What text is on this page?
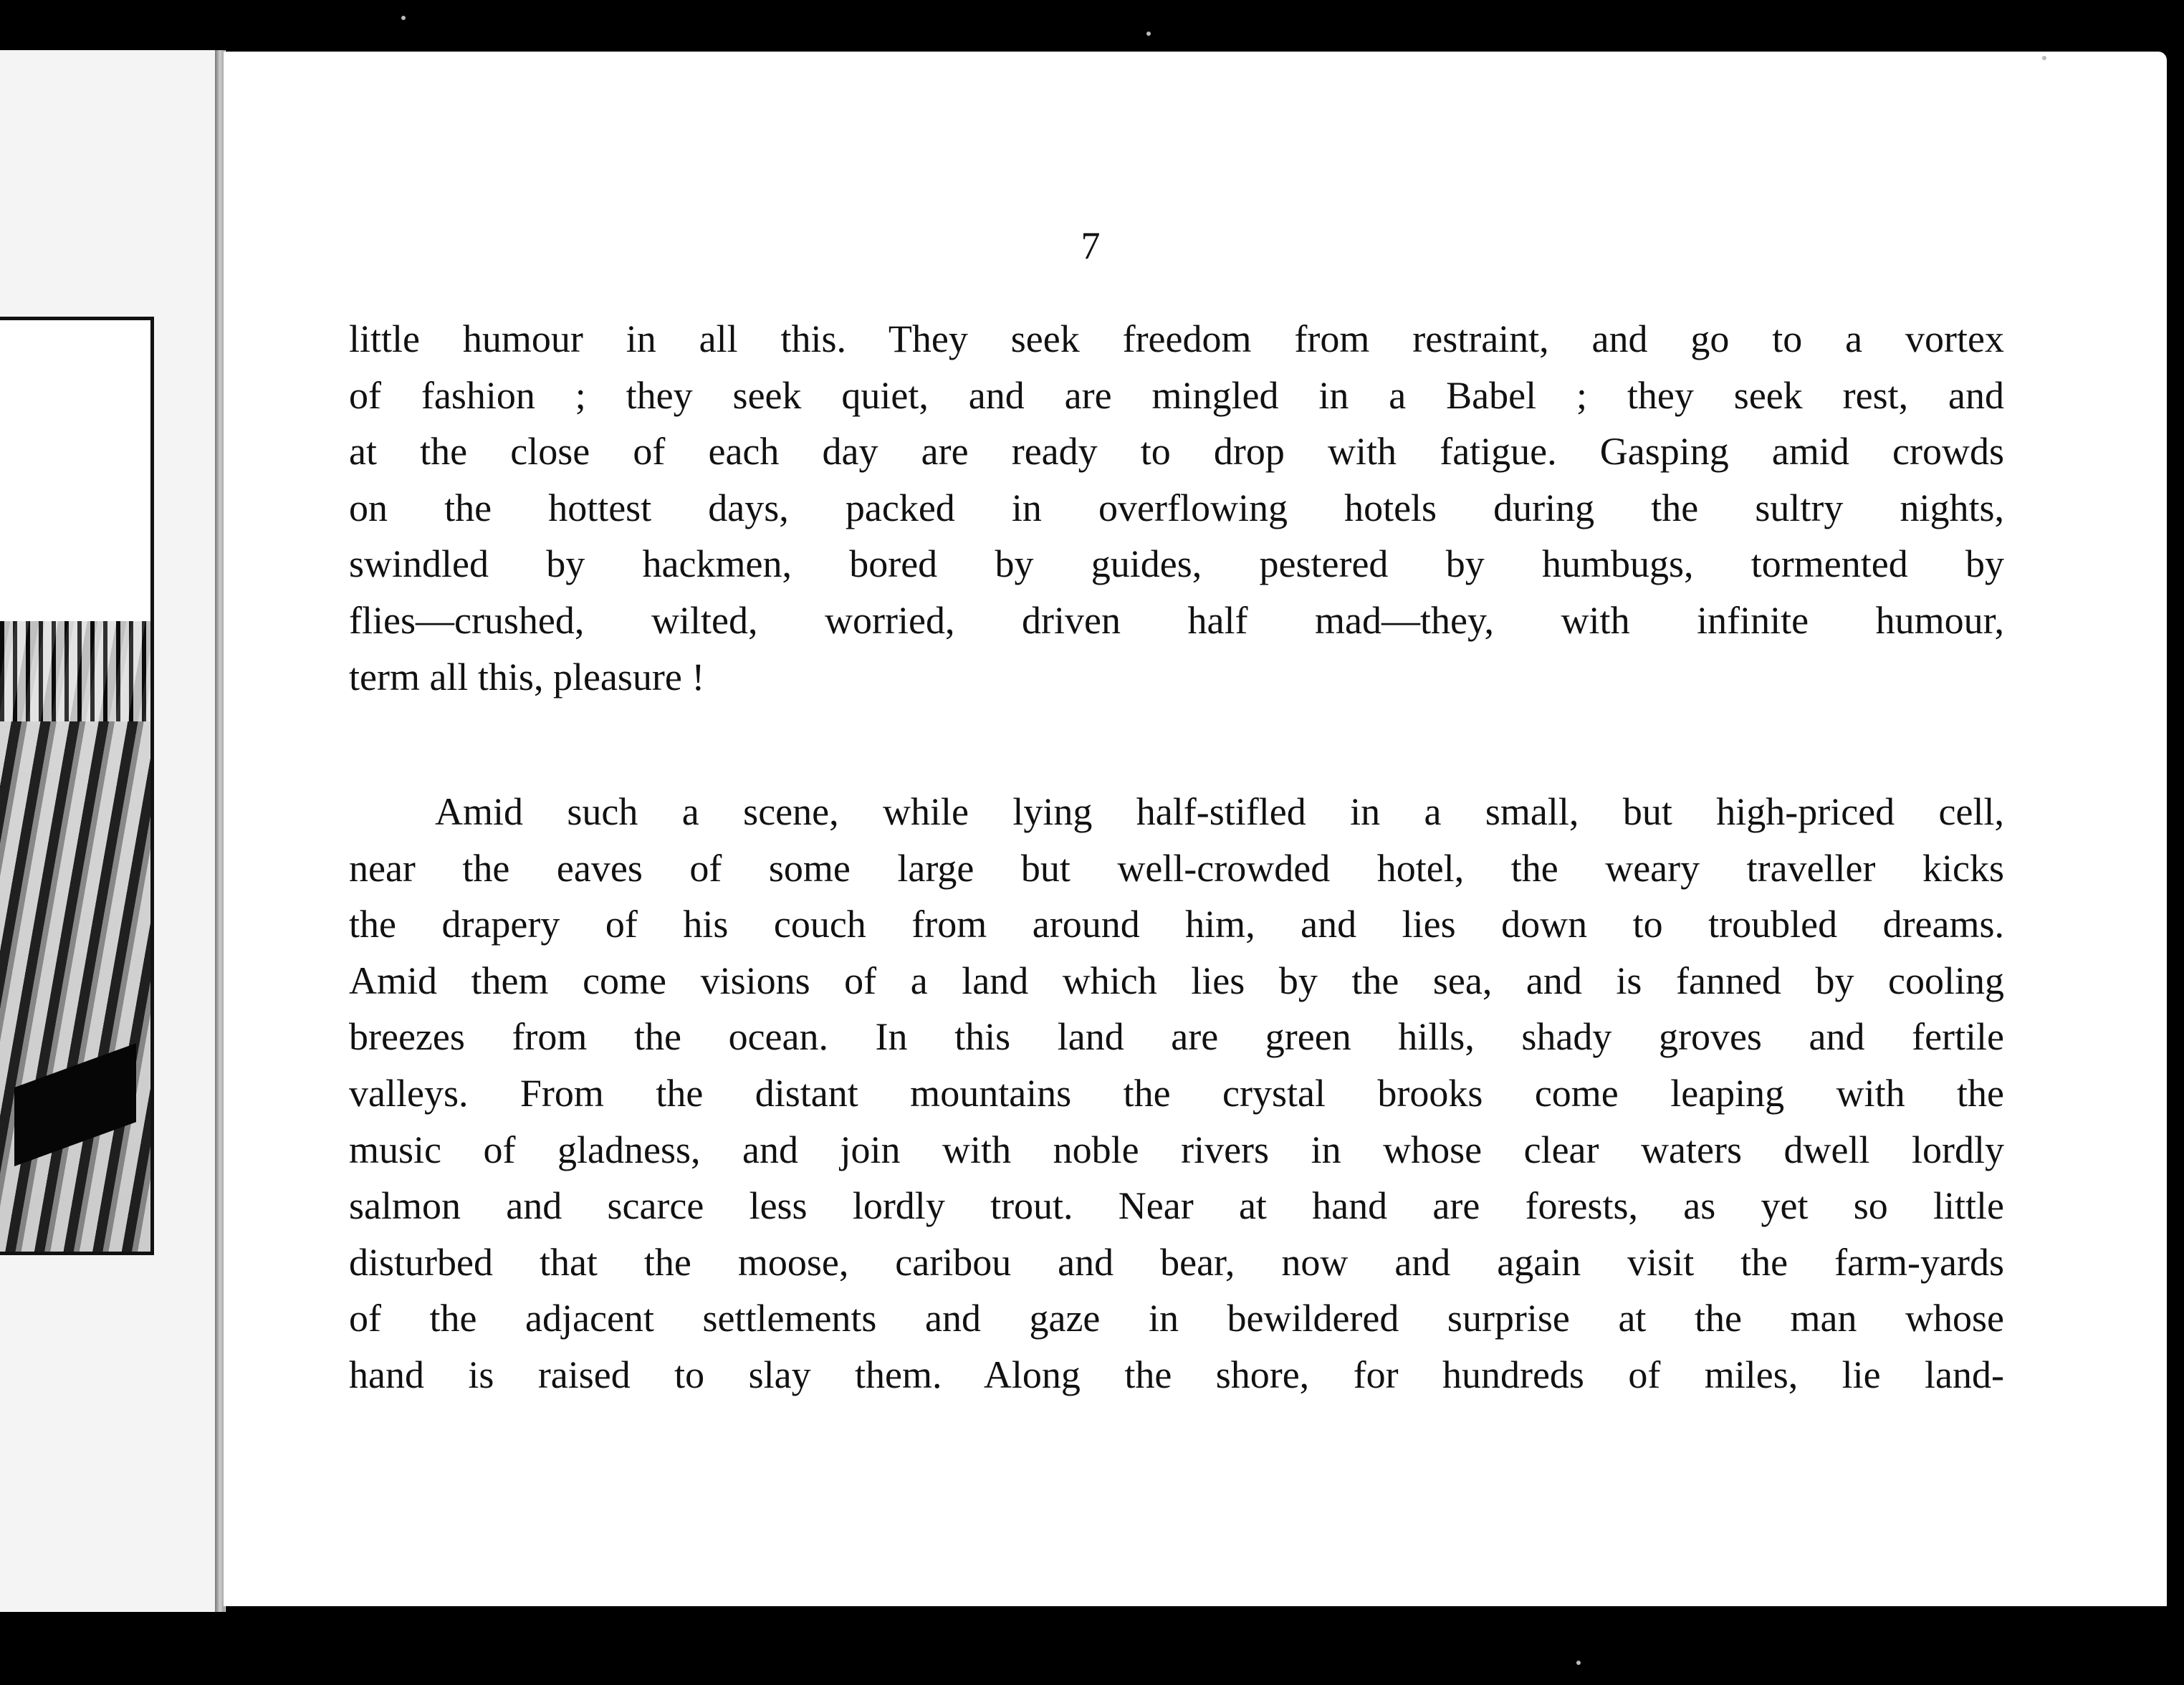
7
little humour in all this. They seek freedom from restraint, and go to a vortex
of fashion ; they seek quiet, and are mingled in a Babel ; they seek rest, and
at the close of each day are ready to drop with fatigue. Gasping amid crowds
on the hottest days, packed in overflowing hotels during the sultry nights,
swindled by hackmen, bored by guides, pestered by humbugs, tormented by
flies—crushed, wilted, worried, driven half mad—they, with infinite humour,
term all this, pleasure !
Amid such a scene, while lying half-stifled in a small, but high-priced cell,
near the eaves of some large but well-crowded hotel, the weary traveller kicks
the drapery of his couch from around him, and lies down to troubled dreams.
Amid them come visions of a land which lies by the sea, and is fanned by cooling
breezes from the ocean. In this land are green hills, shady groves and fertile
valleys. From the distant mountains the crystal brooks come leaping with the
music of gladness, and join with noble rivers in whose clear waters dwell lordly
salmon and scarce less lordly trout. Near at hand are forests, as yet so little
disturbed that the moose, caribou and bear, now and again visit the farm-yards
of the adjacent settlements and gaze in bewildered surprise at the man whose
hand is raised to slay them. Along the shore, for hundreds of miles, lie land-
